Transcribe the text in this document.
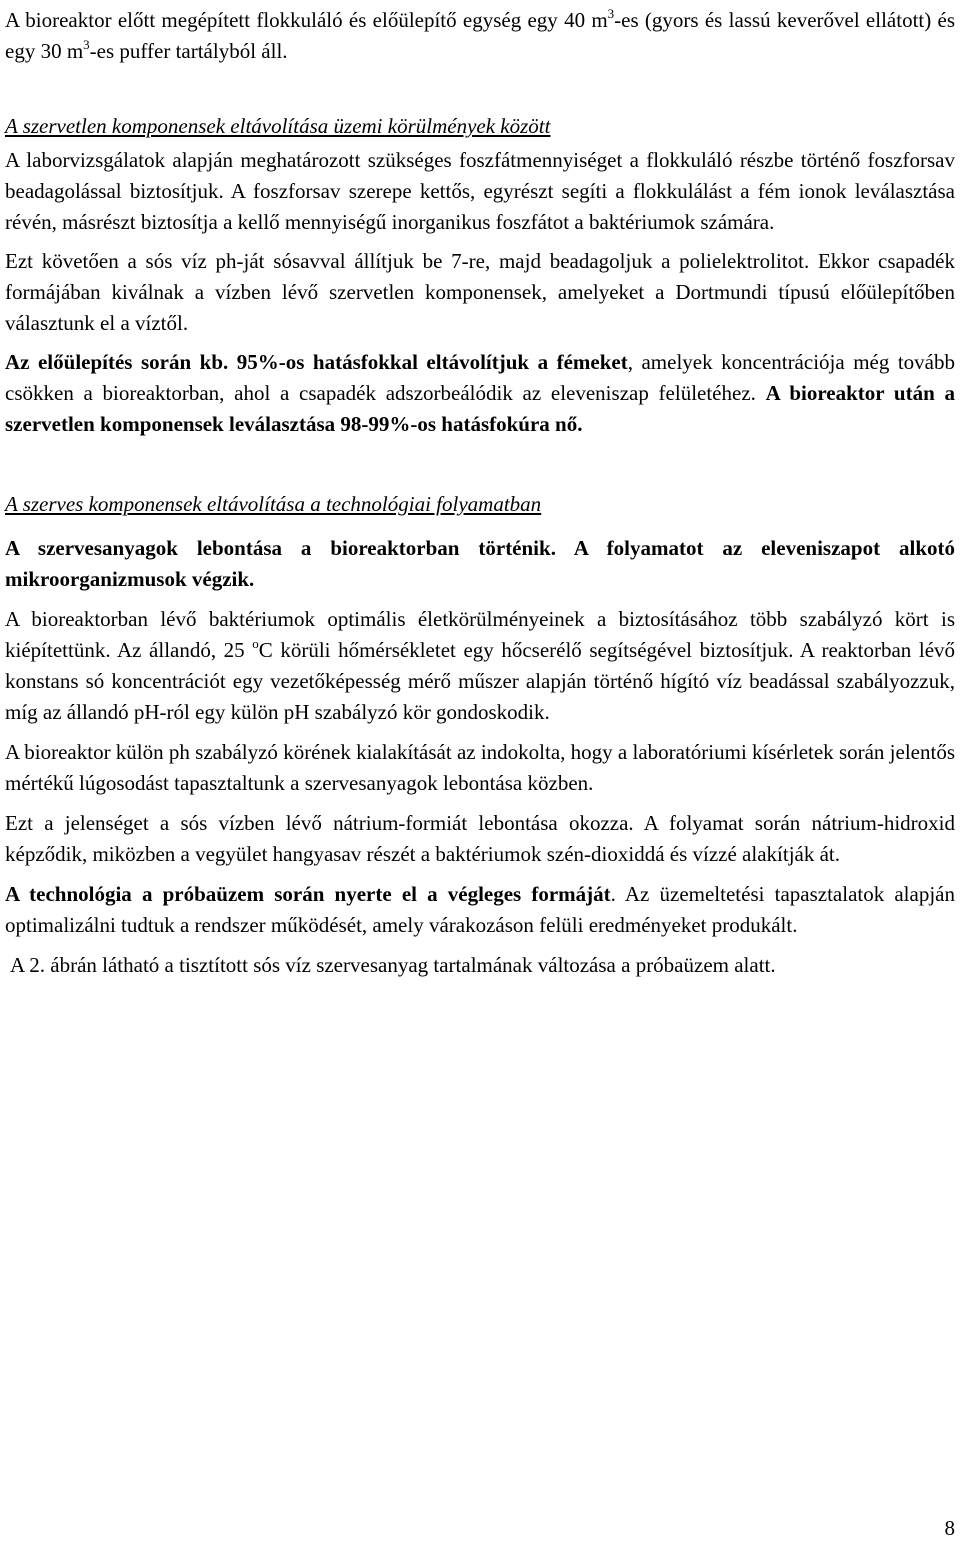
A bioreaktor előtt megépített flokkuláló és előülepítő egység egy 40 $m^3-es$ (gyors és lassú keverővel ellátott) és egy 30 $m^3-es$ puffer tartályból áll.

A szervetlen komponensek eltávolítása üzemi körülmények között

A laborvizsgálatok alapján meghatározott szükséges foszfátmennyiséget a flokkuláló részbe történő foszforsav beadagolással biztosítjuk. A foszforsav szerepe kettős, egyrészt segíti a flokkulálást a fém ionok leválasztása révén, másrészt biztosítja a kellő mennyiségű inorganikus foszfátot a baktériumok számára.

Ezt követően a sós víz ph-ját sósavval állítjuk be 7-re, majd beadagoljuk a polielektrolitot. Ekkor csapadék formájában kiválnak a vízben lévő szervetlen komponensek, amelyeket a Dortmundi típusú előülepítőben választunk el a víztől.

Az előülepítés során kb. 95%-os hatásfokkal eltávolítjuk a fémeket, amelyek koncentrációja még tovább csökken a bioreaktorban, ahol a csapadék adszorbeálódik az eleveniszap felületéhez. A bioreaktor után a szervetlen komponensek leválasztása 98-99%-os hatásfokúra nő.

A szerves komponensek eltávolítása a technológiai folyamatban

A szervesanyagok lebontása a bioreaktorban történik. A folyamatot az eleveniszapot alkotó mikroorganizmusok végzik.

A bioreaktorban lévő baktériumok optimális életkörülményeinek a biztosításához több szabályzó kört is kiépítettünk. Az állandó, 25 $^o$C körüli hőmérsékletet egy hőcserélő segítségével biztosítjuk. A reaktorban lévő konstans só koncentrációt egy vezetőképesség mérő műszer alapján történő hígító víz beadással szabályozzuk, míg az állandó pH-ról egy külön pH szabályzó kör gondoskodik.

A bioreaktor külön ph szabályzó körének kialakítását az indokolta, hogy a laboratóriumi kísérletek során jelentős mértékű lúgosodást tapasztaltunk a szervesanyagok lebontása közben.

Ezt a jelenséget a sós vízben lévő nátrium-formiát lebontása okozza. A folyamat során nátrium-hidroxid képződik, miközben a vegyület hangyasav részét a baktériumok szén-dioxiddá és vízzé alakítják át.

A technológia a próbaüzem során nyerte el a végleges formáját. Az üzemeltetési tapasztalatok alapján optimalizálni tudtuk a rendszer működését, amely várakozáson felüli eredményeket produkált.

A 2. ábrán látható a tisztított sós víz szervesanyag tartalmának változása a próbaüzem alatt.

8
